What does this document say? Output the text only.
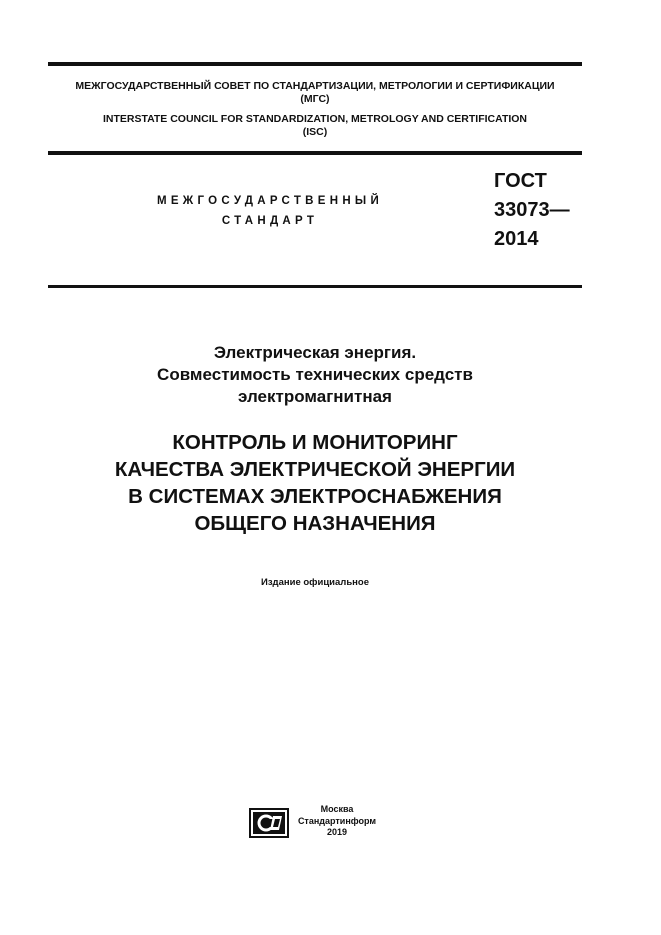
МЕЖГОСУДАРСТВЕННЫЙ СОВЕТ ПО СТАНДАРТИЗАЦИИ, МЕТРОЛОГИИ И СЕРТИФИКАЦИИ
(МГС)
INTERSTATE COUNCIL FOR STANDARDIZATION, METROLOGY AND CERTIFICATION
(ISC)
МЕЖГОСУДАРСТВЕННЫЙ
СТАНДАРТ
ГОСТ
33073—
2014
Электрическая энергия.
Совместимость технических средств
электромагнитная
КОНТРОЛЬ И МОНИТОРИНГ
КАЧЕСТВА ЭЛЕКТРИЧЕСКОЙ ЭНЕРГИИ
В СИСТЕМАХ ЭЛЕКТРОСНАБЖЕНИЯ
ОБЩЕГО НАЗНАЧЕНИЯ
Издание официальное
Москва
Стандартинформ
2019
